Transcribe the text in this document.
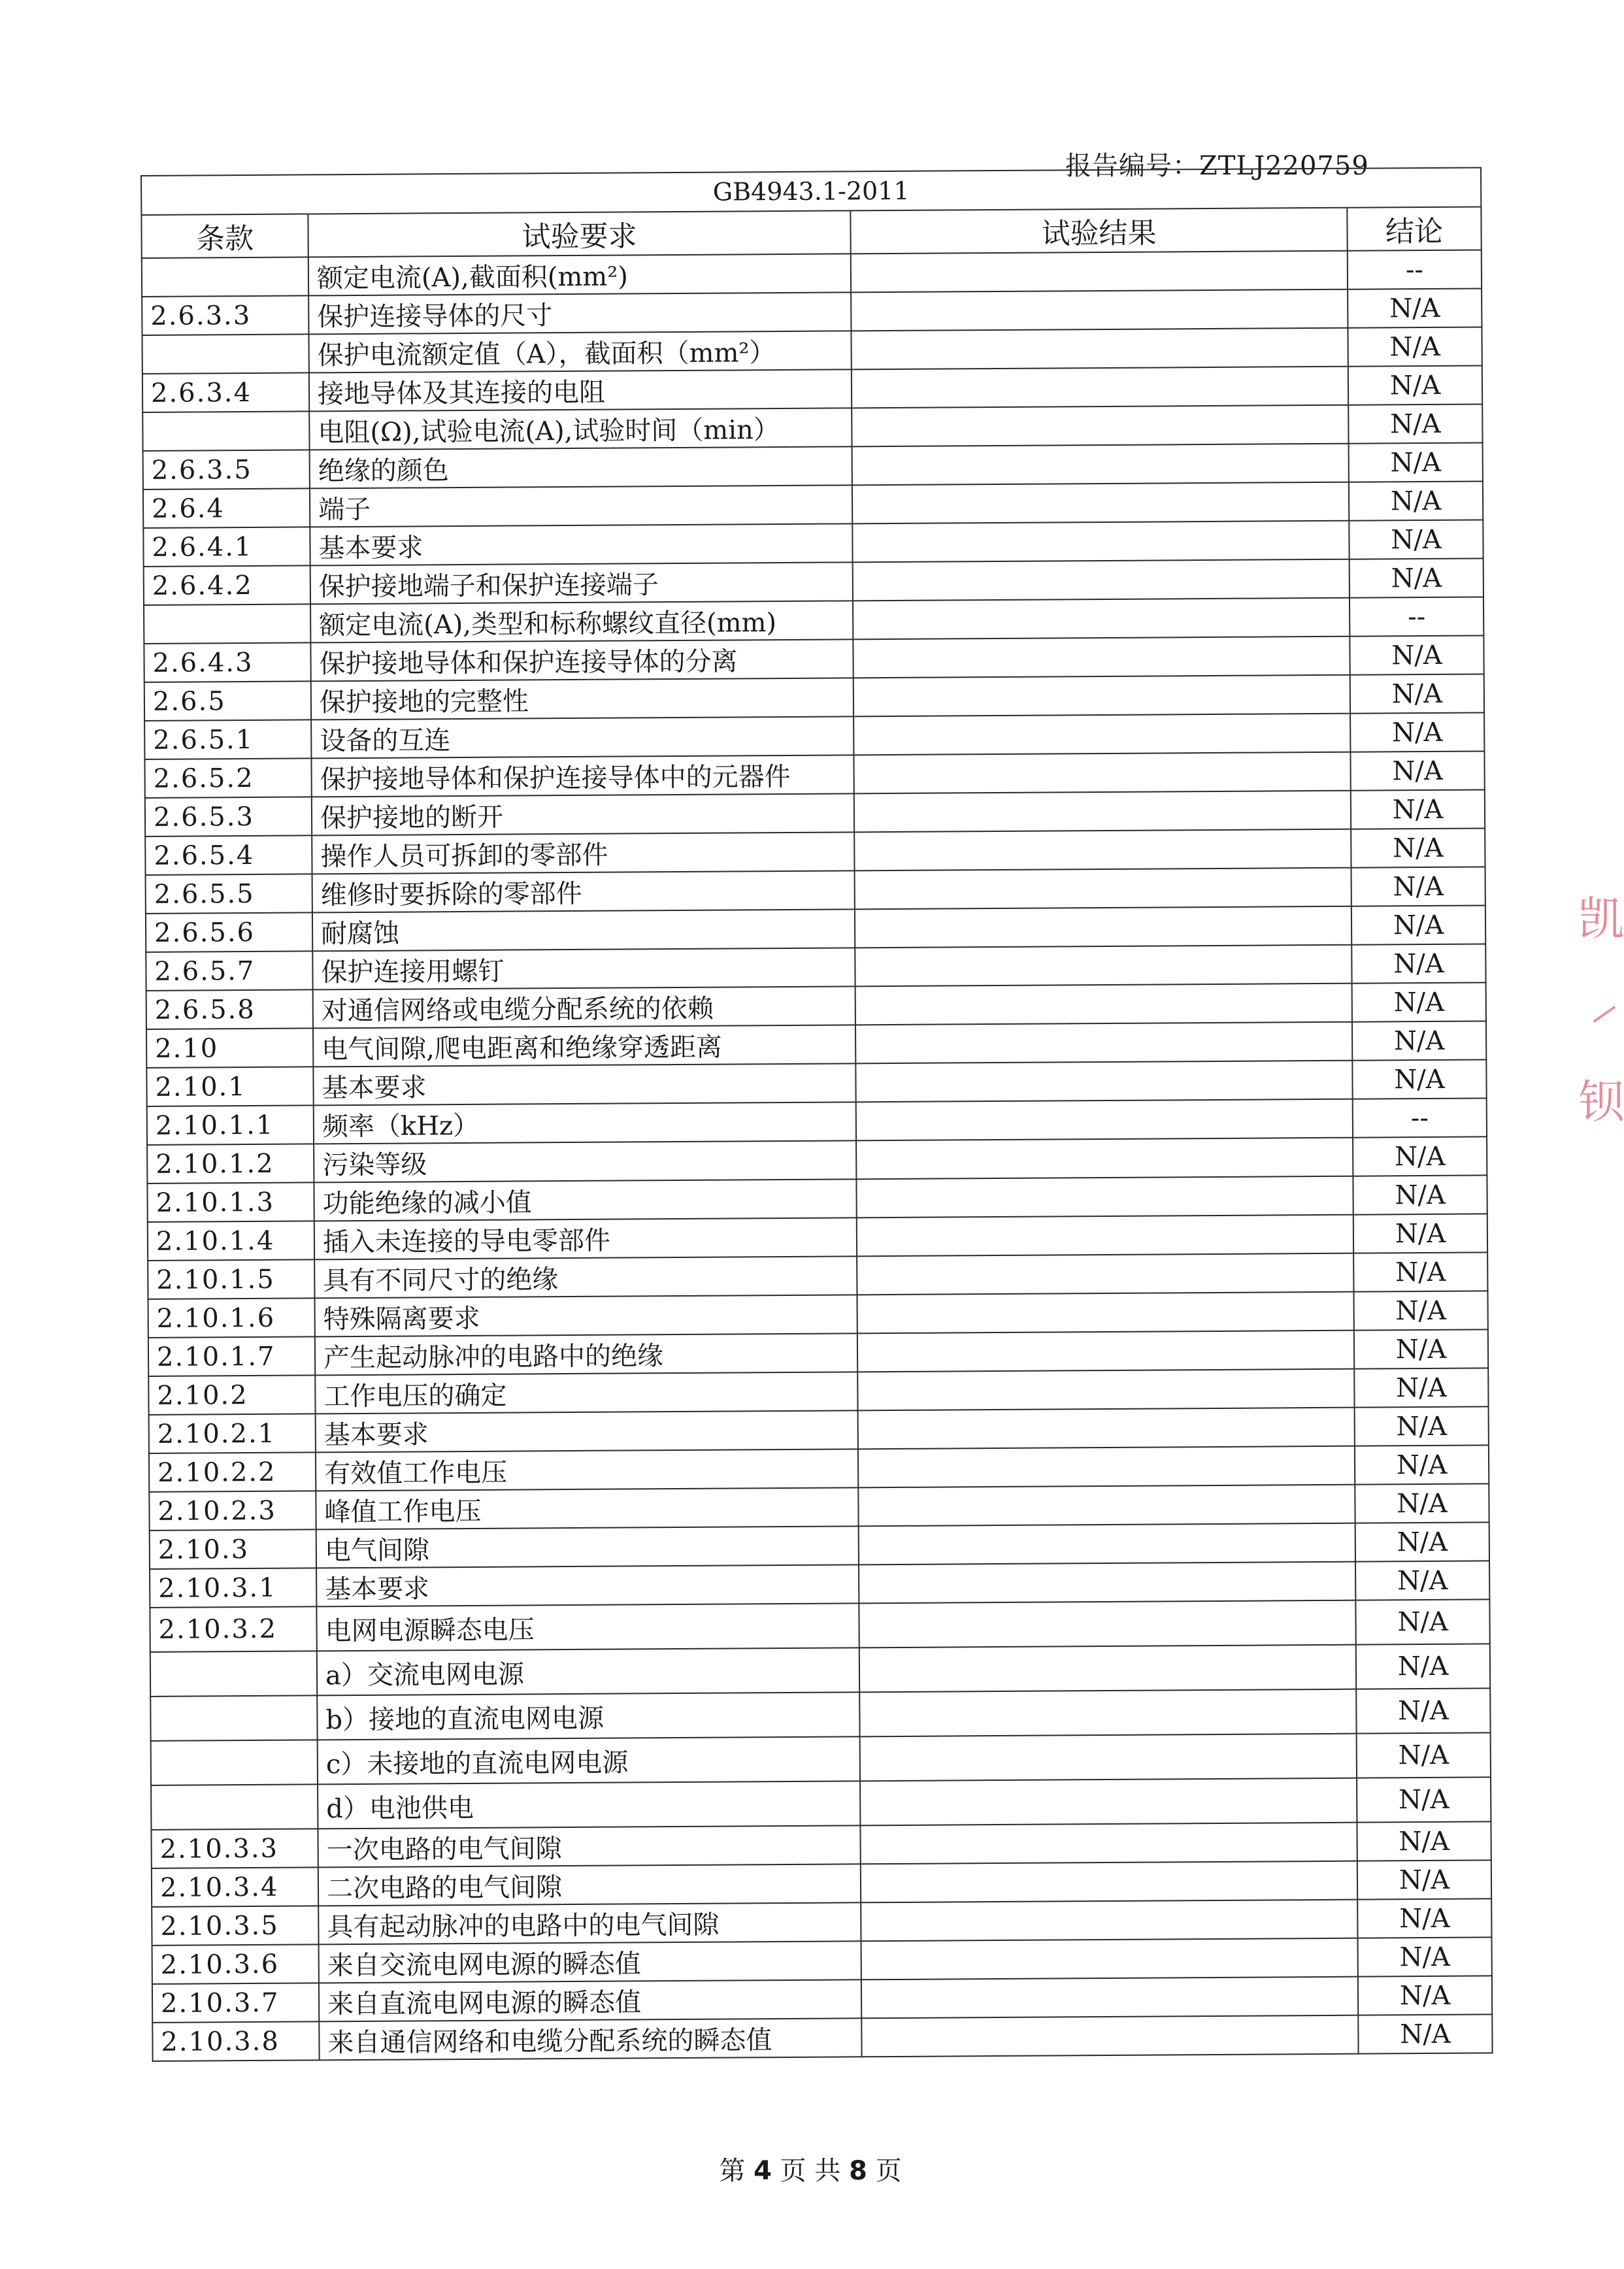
报告编号：ZTLJ220759
GB4943.1-2011			
条款	试验要求	试验结果	结论
	额定电流(A),截面积(mm²)		--
2.6.3.3	保护连接导体的尺寸		N/A
	保护电流额定值（A），截面积（mm²）		N/A
2.6.3.4	接地导体及其连接的电阻		N/A
	电阻(Ω),试验电流(A),试验时间（min）		N/A
2.6.3.5	绝缘的颜色		N/A
2.6.4	端子		N/A
2.6.4.1	基本要求		N/A
2.6.4.2	保护接地端子和保护连接端子		N/A
	额定电流(A),类型和标称螺纹直径(mm)		--
2.6.4.3	保护接地导体和保护连接导体的分离		N/A
2.6.5	保护接地的完整性		N/A
2.6.5.1	设备的互连		N/A
2.6.5.2	保护接地导体和保护连接导体中的元器件		N/A
2.6.5.3	保护接地的断开		N/A
2.6.5.4	操作人员可拆卸的零部件		N/A
2.6.5.5	维修时要拆除的零部件		N/A
2.6.5.6	耐腐蚀		N/A
2.6.5.7	保护连接用螺钉		N/A
2.6.5.8	对通信网络或电缆分配系统的依赖		N/A
2.10	电气间隙,爬电距离和绝缘穿透距离		N/A
2.10.1	基本要求		N/A
2.10.1.1	频率（kHz）		--
2.10.1.2	污染等级		N/A
2.10.1.3	功能绝缘的减小值		N/A
2.10.1.4	插入未连接的导电零部件		N/A
2.10.1.5	具有不同尺寸的绝缘		N/A
2.10.1.6	特殊隔离要求		N/A
2.10.1.7	产生起动脉冲的电路中的绝缘		N/A
2.10.2	工作电压的确定		N/A
2.10.2.1	基本要求		N/A
2.10.2.2	有效值工作电压		N/A
2.10.2.3	峰值工作电压		N/A
2.10.3	电气间隙		N/A
2.10.3.1	基本要求		N/A
2.10.3.2	电网电源瞬态电压		N/A
	a）交流电网电源		N/A
	b）接地的直流电网电源		N/A
	c）未接地的直流电网电源		N/A
	d）电池供电		N/A
2.10.3.3	一次电路的电气间隙		N/A
2.10.3.4	二次电路的电气间隙		N/A
2.10.3.5	具有起动脉冲的电路中的电气间隙		N/A
2.10.3.6	来自交流电网电源的瞬态值		N/A
2.10.3.7	来自直流电网电源的瞬态值		N/A
2.10.3.8	来自通信网络和电缆分配系统的瞬态值		N/A
凯
钡
第 4 页 共 8 页
